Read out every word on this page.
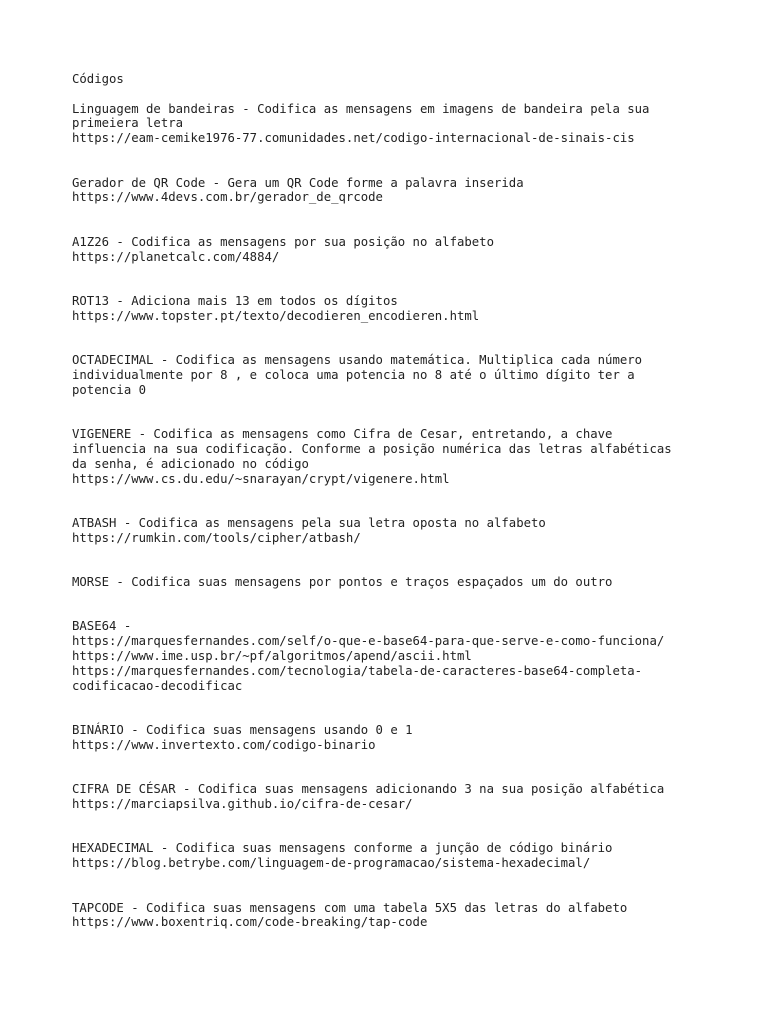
Códigos
Linguagem de bandeiras - Codifica as mensagens em imagens de bandeira pela sua
primeiera letra
https://eam-cemike1976-77.comunidades.net/codigo-internacional-de-sinais-cis
Gerador de QR Code - Gera um QR Code forme a palavra inserida
https://www.4devs.com.br/gerador_de_qrcode
A1Z26 - Codifica as mensagens por sua posição no alfabeto
https://planetcalc.com/4884/
ROT13 - Adiciona mais 13 em todos os dígitos
https://www.topster.pt/texto/decodieren_encodieren.html
OCTADECIMAL - Codifica as mensagens usando matemática. Multiplica cada número
individualmente por 8 , e coloca uma potencia no 8 até o último dígito ter a
potencia 0
VIGENERE - Codifica as mensagens como Cifra de Cesar, entretando, a chave
influencia na sua codificação. Conforme a posição numérica das letras alfabéticas
da senha, é adicionado no código
https://www.cs.du.edu/~snarayan/crypt/vigenere.html
ATBASH - Codifica as mensagens pela sua letra oposta no alfabeto
https://rumkin.com/tools/cipher/atbash/
MORSE - Codifica suas mensagens por pontos e traços espaçados um do outro
BASE64 -
https://marquesfernandes.com/self/o-que-e-base64-para-que-serve-e-como-funciona/
https://www.ime.usp.br/~pf/algoritmos/apend/ascii.html
https://marquesfernandes.com/tecnologia/tabela-de-caracteres-base64-completa-
codificacao-decodificac
BINÁRIO - Codifica suas mensagens usando 0 e 1
https://www.invertexto.com/codigo-binario
CIFRA DE CÉSAR - Codifica suas mensagens adicionando 3 na sua posição alfabética
https://marciapsilva.github.io/cifra-de-cesar/
HEXADECIMAL - Codifica suas mensagens conforme a junção de código binário
https://blog.betrybe.com/linguagem-de-programacao/sistema-hexadecimal/
TAPCODE - Codifica suas mensagens com uma tabela 5X5 das letras do alfabeto
https://www.boxentriq.com/code-breaking/tap-code
